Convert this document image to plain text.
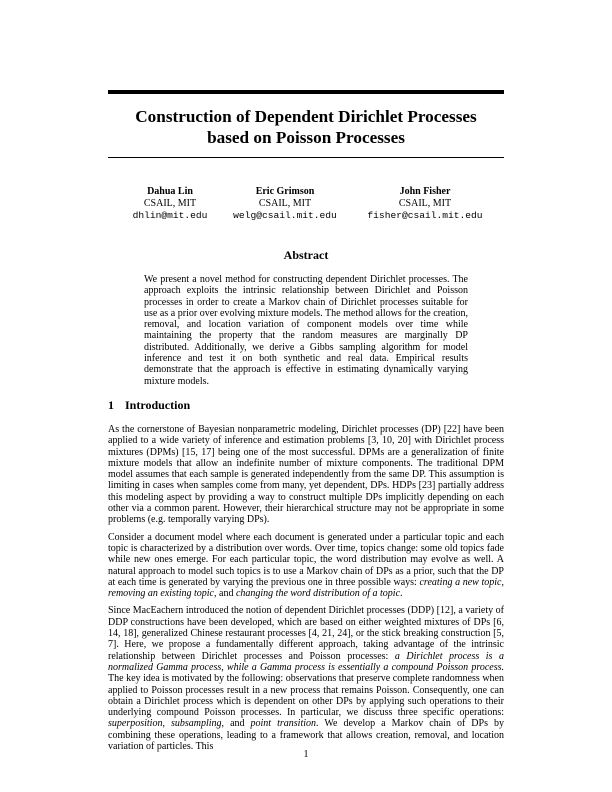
Construction of Dependent Dirichlet Processes
based on Poisson Processes
Dahua Lin
CSAIL, MIT
dhlin@mit.edu
Eric Grimson
CSAIL, MIT
welg@csail.mit.edu
John Fisher
CSAIL, MIT
fisher@csail.mit.edu
Abstract

We present a novel method for constructing dependent Dirichlet processes. The approach exploits the intrinsic relationship between Dirichlet and Poisson processes in order to create a Markov chain of Dirichlet processes suitable for use as a prior over evolving mixture models. The method allows for the creation, removal, and location variation of component models over time while maintaining the property that the random measures are marginally DP distributed. Additionally, we derive a Gibbs sampling algorithm for model inference and test it on both synthetic and real data. Empirical results demonstrate that the approach is effective in estimating dynamically varying mixture models.

1 Introduction

As the cornerstone of Bayesian nonparametric modeling, Dirichlet processes (DP) [22] have been applied to a wide variety of inference and estimation problems [3, 10, 20] with Dirichlet process mixtures (DPMs) [15, 17] being one of the most successful. DPMs are a generalization of finite mixture models that allow an indefinite number of mixture components. The traditional DPM model assumes that each sample is generated independently from the same DP. This assumption is limiting in cases when samples come from many, yet dependent, DPs. HDPs [23] partially address this modeling aspect by providing a way to construct multiple DPs implicitly depending on each other via a common parent. However, their hierarchical structure may not be appropriate in some problems (e.g. temporally varying DPs).

Consider a document model where each document is generated under a particular topic and each topic is characterized by a distribution over words. Over time, topics change: some old topics fade while new ones emerge. For each particular topic, the word distribution may evolve as well. A natural approach to model such topics is to use a Markov chain of DPs as a prior, such that the DP at each time is generated by varying the previous one in three possible ways: creating a new topic, removing an existing topic, and changing the word distribution of a topic.

Since MacEachern introduced the notion of dependent Dirichlet processes (DDP) [12], a variety of DDP constructions have been developed, which are based on either weighted mixtures of DPs [6, 14, 18], generalized Chinese restaurant processes [4, 21, 24], or the stick breaking construction [5, 7]. Here, we propose a fundamentally different approach, taking advantage of the intrinsic relationship between Dirichlet processes and Poisson processes: a Dirichlet process is a normalized Gamma process, while a Gamma process is essentially a compound Poisson process. The key idea is motivated by the following: observations that preserve complete randomness when applied to Poisson processes result in a new process that remains Poisson. Consequently, one can obtain a Dirichlet process which is dependent on other DPs by applying such operations to their underlying compound Poisson processes. In particular, we discuss three specific operations: superposition, subsampling, and point transition. We develop a Markov chain of DPs by combining these operations, leading to a framework that allows creation, removal, and location variation of particles. This

1
